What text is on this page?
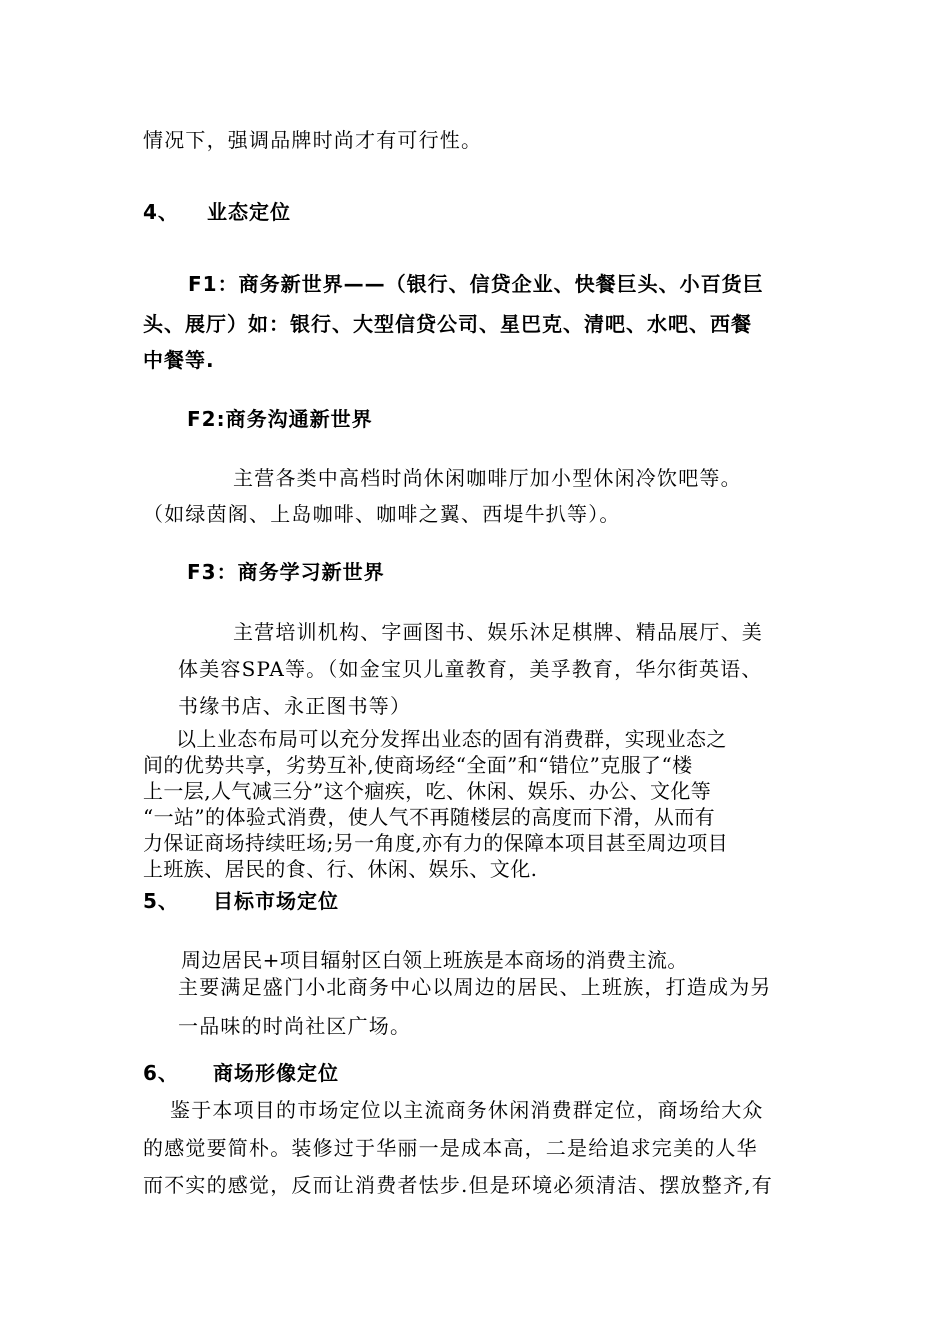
情况下，强调品牌时尚才有可行性。

4、 业态定位

F1：商务新世界——（银行、信贷企业、快餐巨头、小百货巨

头、展厅）如：银行、大型信贷公司、星巴克、清吧、水吧、西餐

中餐等.

F2:商务沟通新世界

主营各类中高档时尚休闲咖啡厅加小型休闲冷饮吧等。

（如绿茵阁、上岛咖啡、咖啡之翼、西堤牛扒等）。

F3：商务学习新世界

主营培训机构、字画图书、娱乐沐足棋牌、精品展厅、美

体美容SPA等。（如金宝贝儿童教育，美孚教育，华尔街英语、

书缘书店、永正图书等）

以上业态布局可以充分发挥出业态的固有消费群，实现业态之

间的优势共享，劣势互补,使商场经“全面”和“错位”克服了“楼

上一层,人气减三分”这个痼疾，吃、休闲、娱乐、办公、文化等

“一站”的体验式消费，使人气不再随楼层的高度而下滑，从而有

力保证商场持续旺场;另一角度,亦有力的保障本项目甚至周边项目

上班族、居民的食、行、休闲、娱乐、文化.

5、 目标市场定位

周边居民+项目辐射区白领上班族是本商场的消费主流。

主要满足盛门小北商务中心以周边的居民、上班族，打造成为另

一品味的时尚社区广场。

6、 商场形像定位

鉴于本项目的市场定位以主流商务休闲消费群定位，商场给大众

的感觉要简朴。装修过于华丽一是成本高，二是给追求完美的人华

而不实的感觉，反而让消费者怯步.但是环境必须清洁、摆放整齐,有
